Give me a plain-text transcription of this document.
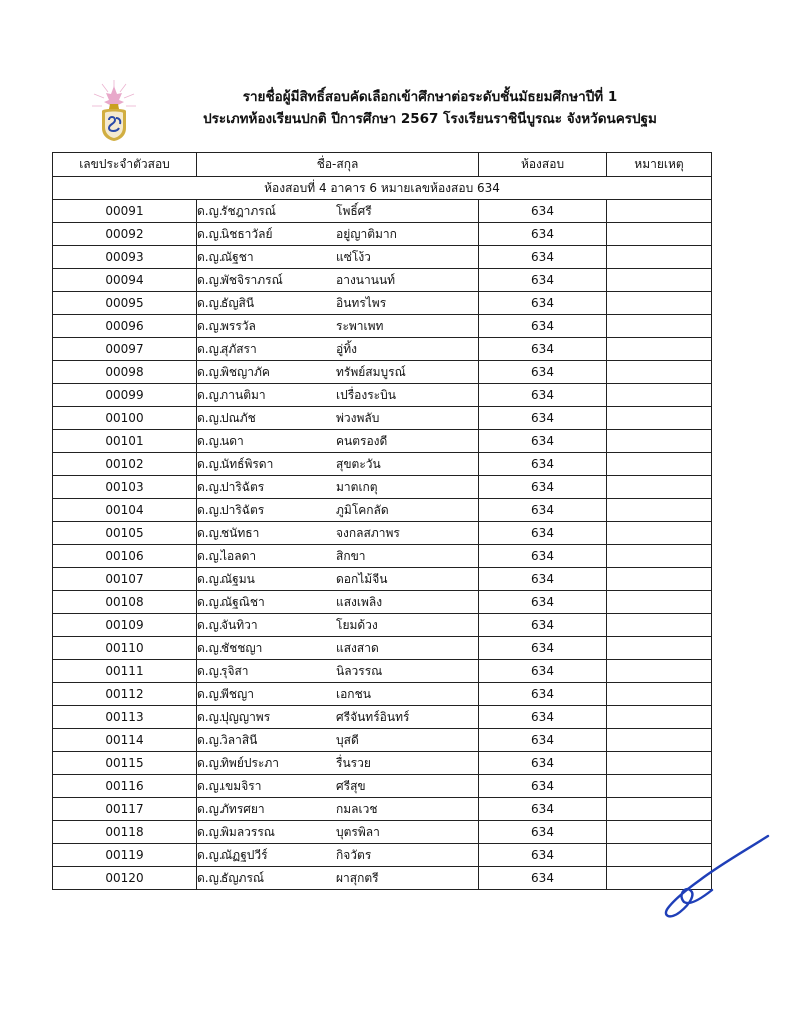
รายชื่อผู้มีสิทธิ์สอบคัดเลือกเข้าศึกษาต่อระดับชั้นมัธยมศึกษาปีที่ 1
ประเภทห้องเรียนปกติ ปีการศึกษา 2567 โรงเรียนราชินีบูรณะ จังหวัดนครปฐม
เลขประจำตัวสอบ	ชื่อ-สกุล	ห้องสอบ	หมายเหตุ
ห้องสอบที่ 4 อาคาร 6 หมายเลขห้องสอบ 634			
00091	ด.ญ.รัชฎาภรณ์ โพธิ์ศรี	634	
00092	ด.ญ.นิชธาวัลย์ อยู่ญาติมาก	634	
00093	ด.ญ.ณัฐชา แซ่โง้ว	634	
00094	ด.ญ.พัชจิราภรณ์ อางนานนท์	634	
00095	ด.ญ.ธัญสินี อินทรไพร	634	
00096	ด.ญ.พรรวัล ระพาเพท	634	
00097	ด.ญ.สุภัสรา อู่ทิ้ง	634	
00098	ด.ญ.พิชญาภัค ทรัพย์สมบูรณ์	634	
00099	ด.ญ.กานติมา เปรื่องระบิน	634	
00100	ด.ญ.ปณภัช พ่วงพลับ	634	
00101	ด.ญ.นดา คนตรองดี	634	
00102	ด.ญ.นัทธ์พิรดา สุขตะวัน	634	
00103	ด.ญ.ปาริฉัตร มาตเกตุ	634	
00104	ด.ญ.ปาริฉัตร ภูมิโคกลัด	634	
00105	ด.ญ.ชนัทธา จงกลสภาพร	634	
00106	ด.ญ.ไอลดา สิกขา	634	
00107	ด.ญ.ณัฐมน ดอกไม้จีน	634	
00108	ด.ญ.ณัฐณิชา แสงเพลิง	634	
00109	ด.ญ.จันทิวา โยมด้วง	634	
00110	ด.ญ.ชัชชญา แสงสาด	634	
00111	ด.ญ.รุจิสา นิลวรรณ	634	
00112	ด.ญ.พีชญา เอกชน	634	
00113	ด.ญ.ปุญญาพร ศรีจันทร์อินทร์	634	
00114	ด.ญ.วิลาสินี บุสดี	634	
00115	ด.ญ.ทิพย์ประภา รื่นรวย	634	
00116	ด.ญ.เขมจิรา ศรีสุข	634	
00117	ด.ญ.ภัทรศยา กมลเวช	634	
00118	ด.ญ.พิมลวรรณ บุตรพิลา	634	
00119	ด.ญ.ณัฏฐปวีร์ กิจวัตร	634	
00120	ด.ญ.ธัญภรณ์ ผาสุกตรี	634	
